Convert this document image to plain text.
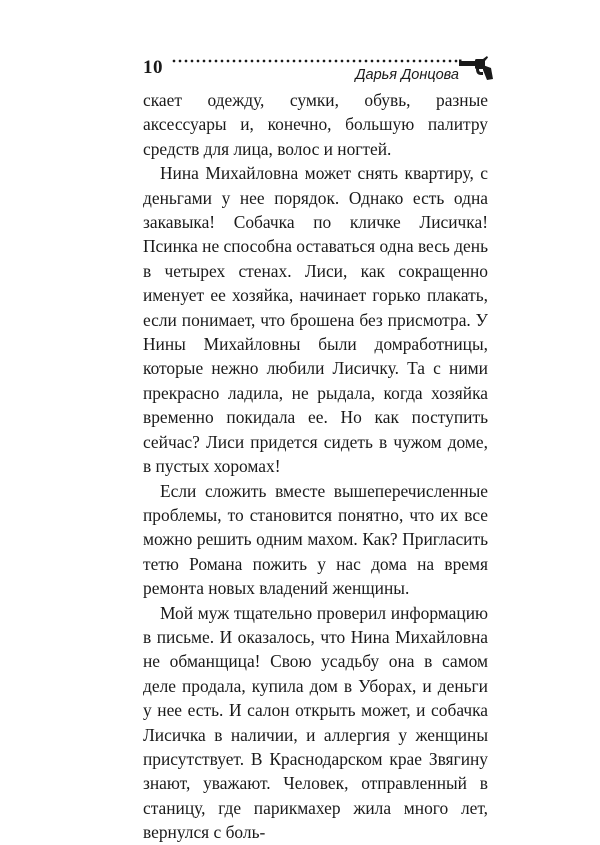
10	Дарья Донцова

скает одежду, сумки, обувь, разные аксессуары и, конечно, большую палитру средств для лица, волос и ногтей.

Нина Михайловна может снять квартиру, с деньгами у нее порядок. Однако есть одна закавыка! Собачка по кличке Лисичка! Псинка не способна оставаться одна весь день в четырех стенах. Лиси, как сокращенно именует ее хозяйка, начинает горько плакать, если понимает, что брошена без присмотра. У Нины Михайловны были домработницы, которые нежно любили Лисичку. Та с ними прекрасно ладила, не рыдала, когда хозяйка временно покидала ее. Но как поступить сейчас? Лиси придется сидеть в чужом доме, в пустых хоромах!

Если сложить вместе вышеперечисленные проблемы, то становится понятно, что их все можно решить одним махом. Как? Пригласить тетю Романа пожить у нас дома на время ремонта новых владений женщины.

Мой муж тщательно проверил информацию в письме. И оказалось, что Нина Михайловна не обманщица! Свою усадьбу она в самом деле продала, купила дом в Уборах, и деньги у нее есть. И салон открыть может, и собачка Лисичка в наличии, и аллергия у женщины присутствует. В Краснодарском крае Звягину знают, уважают. Человек, отправленный в станицу, где парикмахер жила много лет, вернулся с боль-
